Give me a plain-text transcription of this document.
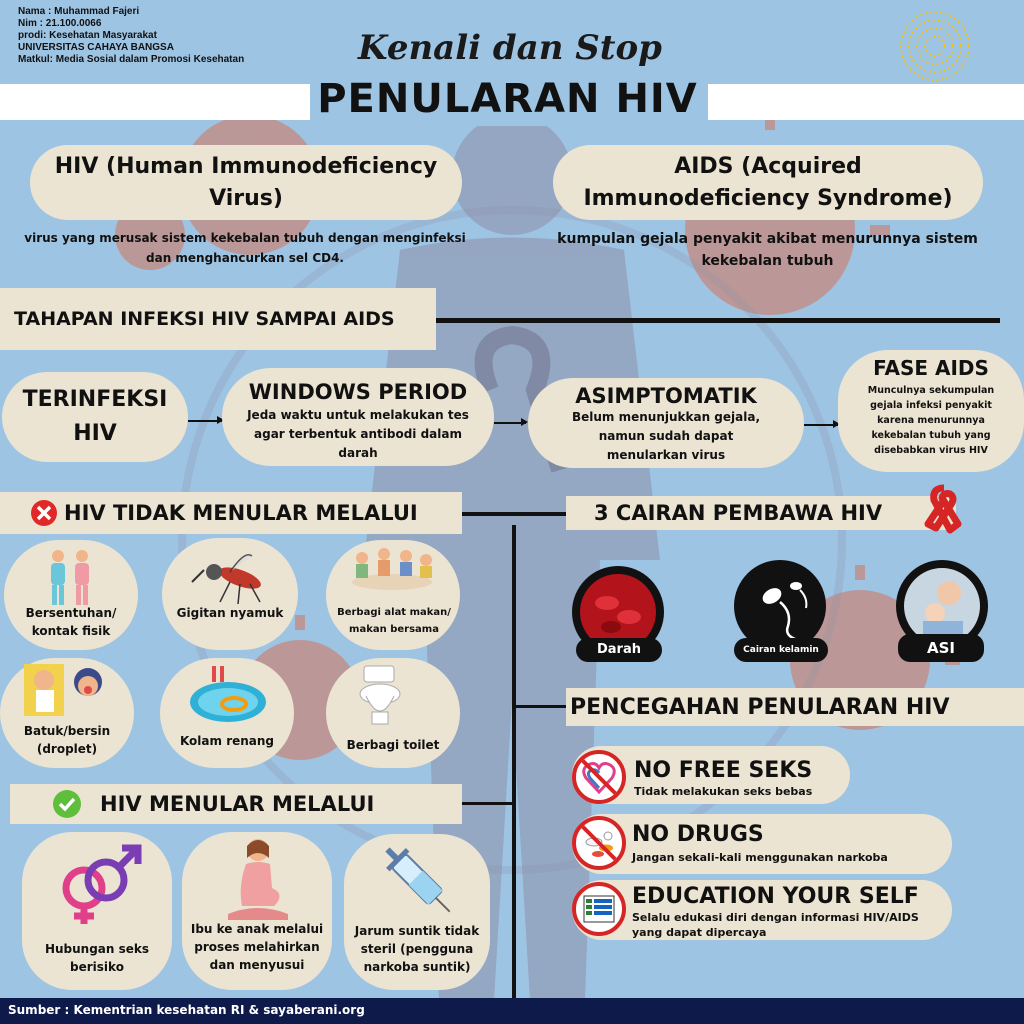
Nama : Muhammad Fajeri
Nim : 21.100.0066
prodi: Kesehatan Masyarakat
UNIVERSITAS CAHAYA BANGSA
Matkul: Media Sosial dalam Promosi Kesehatan	Kenali dan Stop
PENULARAN HIV
HIV (Human Immunodeficiency Virus)
virus yang merusak sistem kekebalan tubuh dengan menginfeksi dan menghancurkan sel CD4.
AIDS (Acquired Immunodeficiency Syndrome)
kumpulan gejala penyakit akibat menurunnya sistem kekebalan tubuh
TAHAPAN INFEKSI HIV SAMPAI AIDS
TERINFEKSI HIV
WINDOWS PERIOD
Jeda waktu untuk melakukan tes agar terbentuk antibodi dalam darah
ASIMPTOMATIK
Belum menunjukkan gejala, namun sudah dapat menularkan virus
FASE AIDS
Munculnya sekumpulan gejala infeksi penyakit karena menurunnya kekebalan tubuh yang disebabkan virus HIV
HIV TIDAK MENULAR MELALUI
Bersentuhan/ kontak fisik
Gigitan nyamuk	Berbagi alat makan/ makan bersama
Batuk/bersin (droplet)
Kolam renang	Berbagi toilet
HIV MENULAR MELALUI
Hubungan seks berisiko
Ibu ke anak melalui proses melahirkan dan menyusui
Jarum suntik tidak steril (pengguna narkoba suntik)
3 CAIRAN PEMBAWA HIV
Darah	Cairan kelamin	ASI
PENCEGAHAN PENULARAN HIV
NO FREE SEKS
Tidak melakukan seks bebas
NO DRUGS
Jangan sekali-kali menggunakan narkoba
EDUCATION YOUR SELF
Selalu edukasi diri dengan informasi HIV/AIDS yang dapat dipercaya
Sumber : Kementrian kesehatan RI & sayaberani.org
